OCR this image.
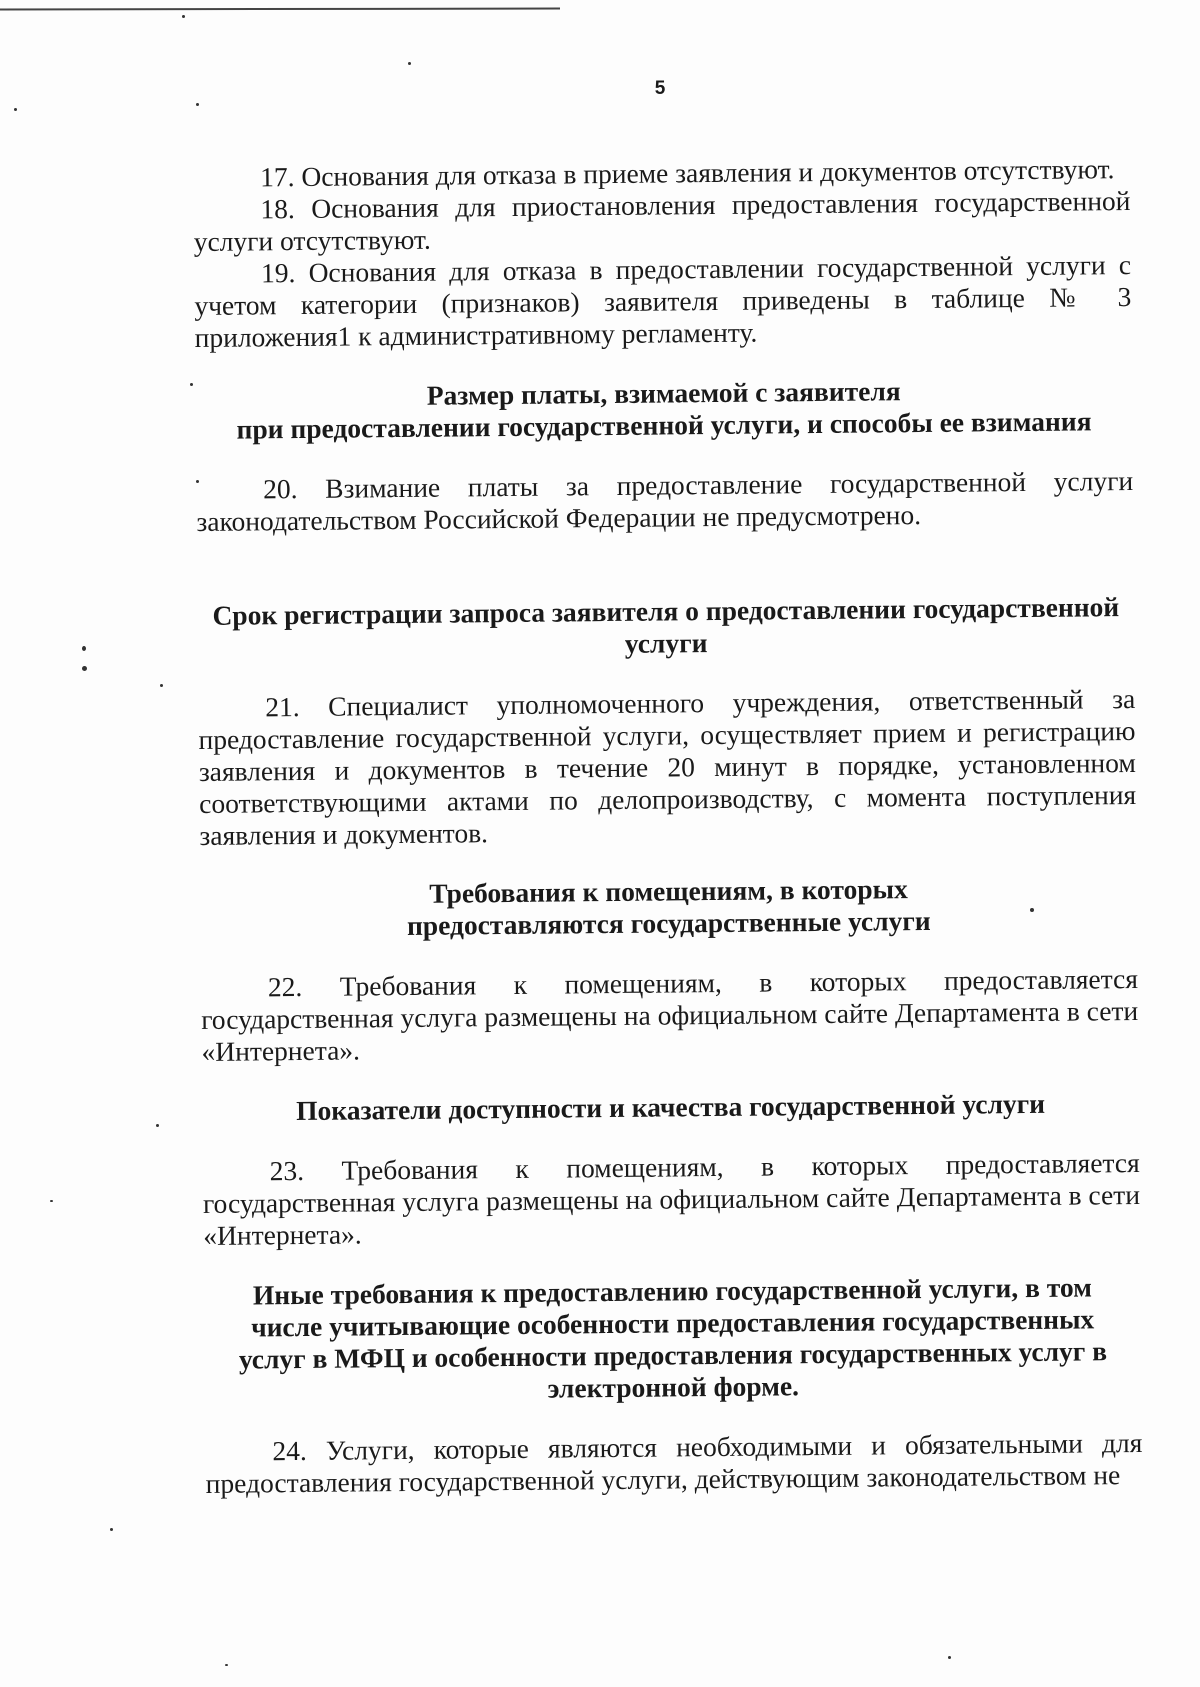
5

17. Основания для отказа в приеме заявления и документов отсутствуют.

18. Основания для приостановления предоставления государственной услуги отсутствуют.

19. Основания для отказа в предоставлении государственной услуги с учетом категории (признаков) заявителя приведены в таблице № 3 приложения1 к административному регламенту.

Размер платы, взимаемой с заявителя
при предоставлении государственной услуги, и способы ее взимания

20. Взимание платы за предоставление государственной услуги законодательством Российской Федерации не предусмотрено.

Срок регистрации запроса заявителя о предоставлении государственной
услуги

21. Специалист уполномоченного учреждения, ответственный за предоставление государственной услуги, осуществляет прием и регистрацию заявления и документов в течение 20 минут в порядке, установленном соответствующими актами по делопроизводству, с момента поступления заявления и документов.

Требования к помещениям, в которых
предоставляются государственные услуги

22. Требования к помещениям, в которых предоставляется государственная услуга размещены на официальном сайте Департамента в сети «Интернета».

Показатели доступности и качества государственной услуги

23. Требования к помещениям, в которых предоставляется государственная услуга размещены на официальном сайте Департамента в сети «Интернета».

Иные требования к предоставлению государственной услуги, в том
числе учитывающие особенности предоставления государственных
услуг в МФЦ и особенности предоставления государственных услуг в
электронной форме.

24. Услуги, которые являются необходимыми и обязательными для предоставления государственной услуги, действующим законодательством не
